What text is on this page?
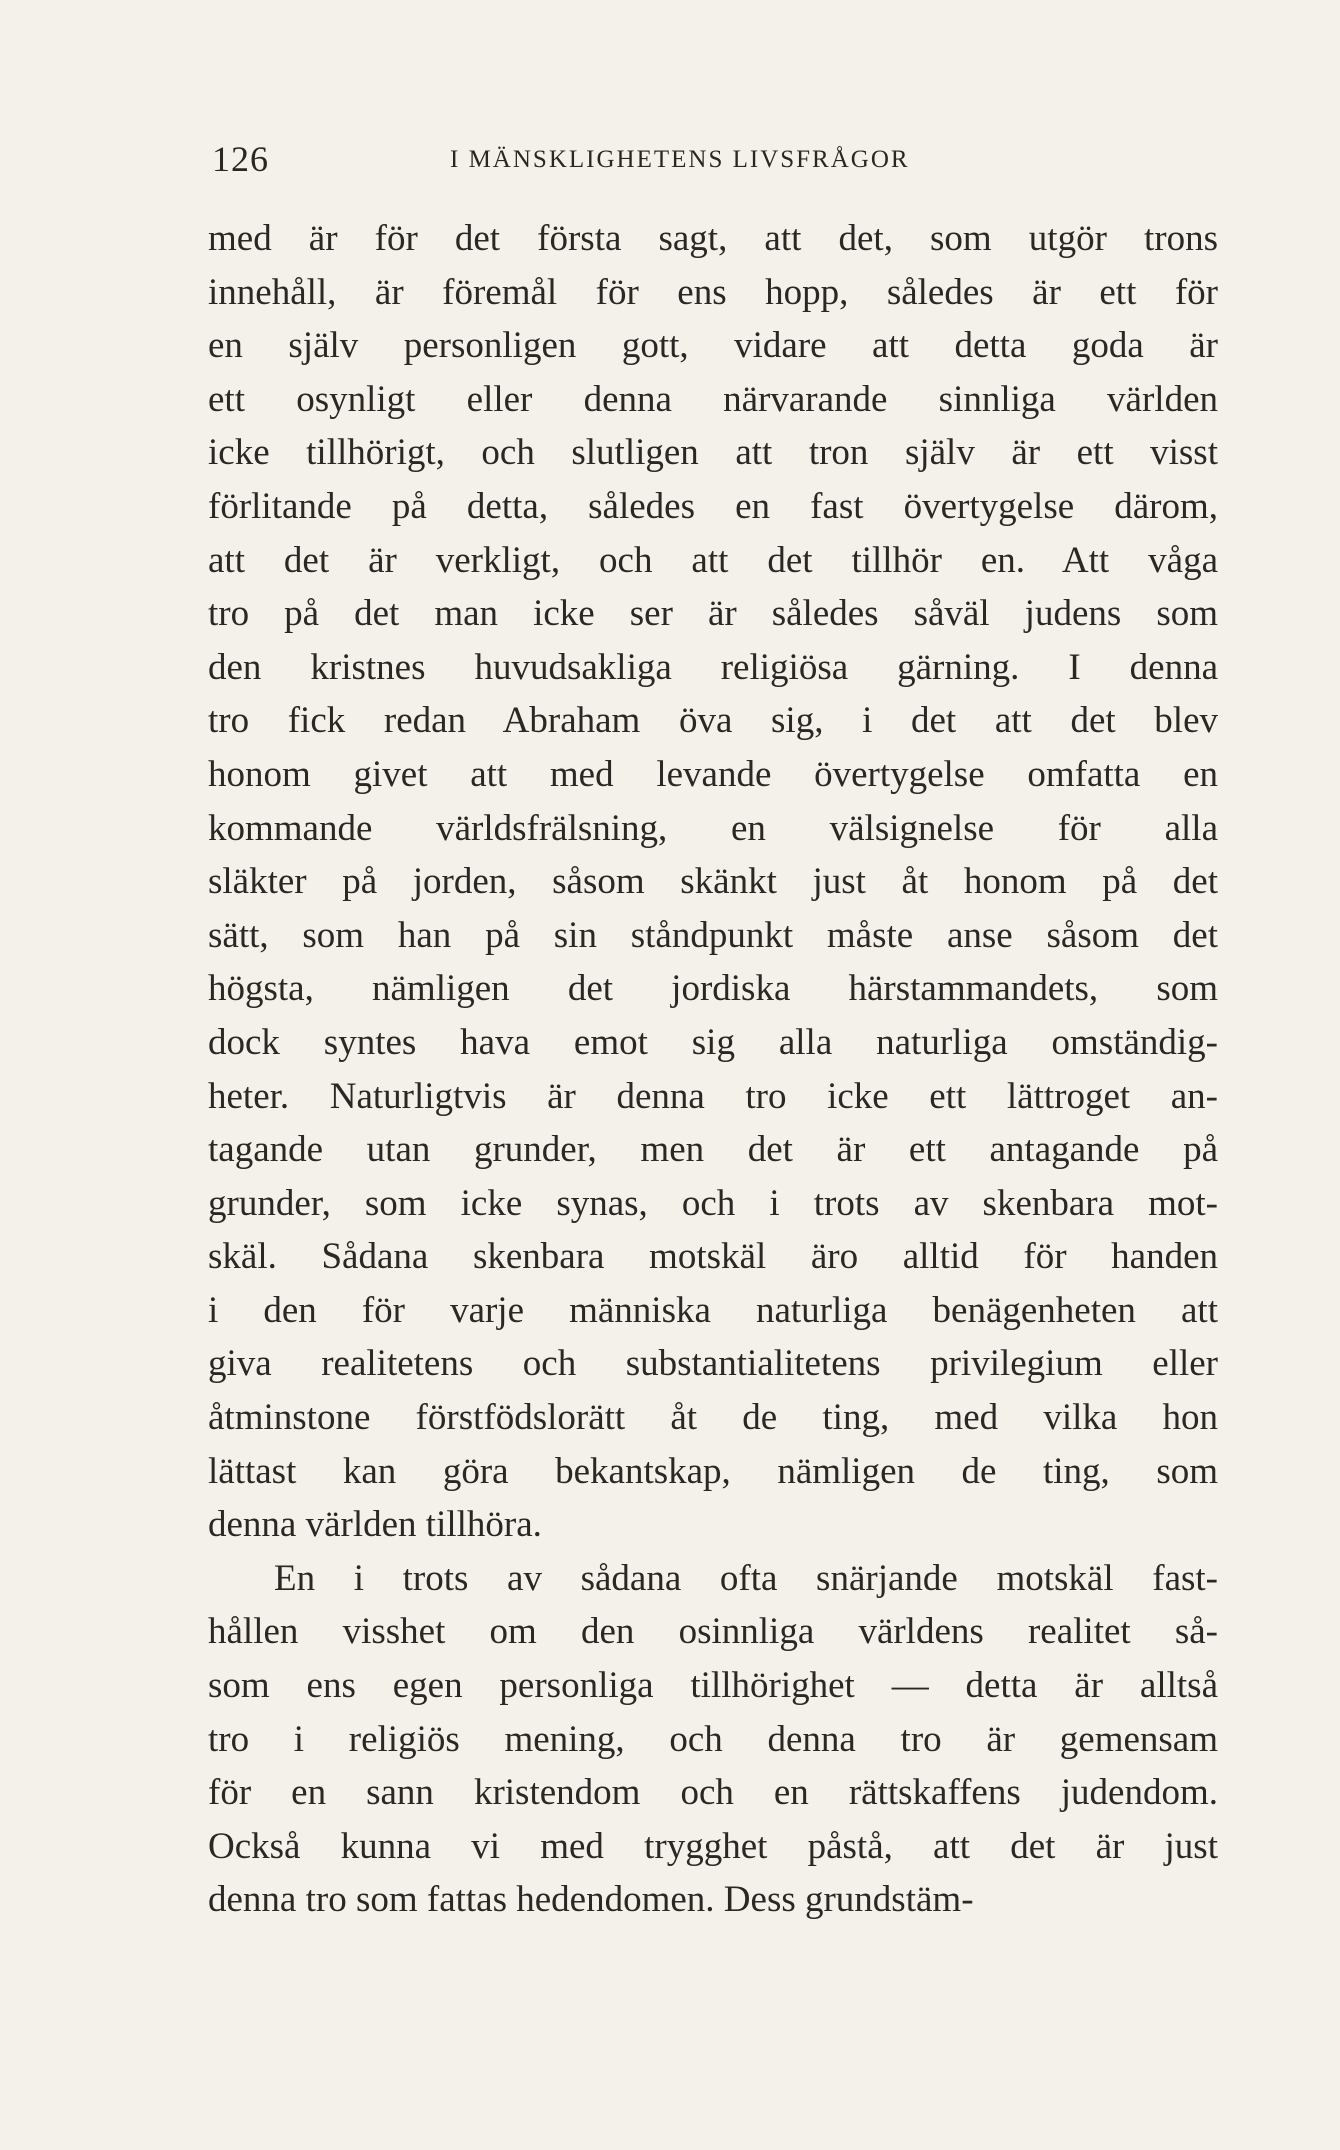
126	I MÄNSKLIGHETENS LIVSFRÅGOR
med är för det första sagt, att det, som utgör trons
innehåll, är föremål för ens hopp, således är ett för
en själv personligen gott, vidare att detta goda är
ett osynligt eller denna närvarande sinnliga världen
icke tillhörigt, och slutligen att tron själv är ett visst
förlitande på detta, således en fast övertygelse därom,
att det är verkligt, och att det tillhör en. Att våga
tro på det man icke ser är således såväl judens som
den kristnes huvudsakliga religiösa gärning. I denna
tro fick redan Abraham öva sig, i det att det blev
honom givet att med levande övertygelse omfatta en
kommande världsfrälsning, en välsignelse för alla
släkter på jorden, såsom skänkt just åt honom på det
sätt, som han på sin ståndpunkt måste anse såsom det
högsta, nämligen det jordiska härstammandets, som
dock syntes hava emot sig alla naturliga omständig-
heter. Naturligtvis är denna tro icke ett lättroget an-
tagande utan grunder, men det är ett antagande på
grunder, som icke synas, och i trots av skenbara mot-
skäl. Sådana skenbara motskäl äro alltid för handen
i den för varje människa naturliga benägenheten att
giva realitetens och substantialitetens privilegium eller
åtminstone förstfödslorätt åt de ting, med vilka hon
lättast kan göra bekantskap, nämligen de ting, som
denna världen tillhöra.
En i trots av sådana ofta snärjande motskäl fast-
hållen visshet om den osinnliga världens realitet så-
som ens egen personliga tillhörighet — detta är alltså
tro i religiös mening, och denna tro är gemensam
för en sann kristendom och en rättskaffens judendom.
Också kunna vi med trygghet påstå, att det är just
denna tro som fattas hedendomen. Dess grundstäm-
